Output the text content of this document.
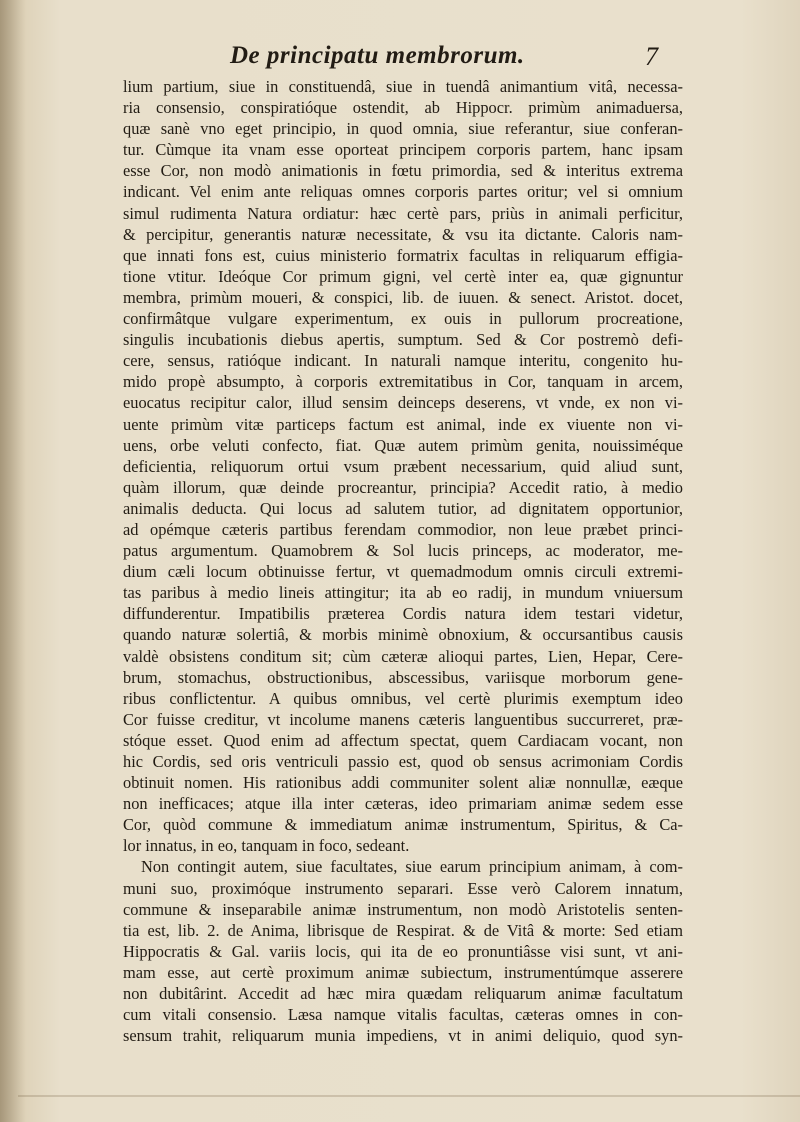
De principatu membrorum.	7
lium partium, siue in constituendâ, siue in tuendâ animantium vitâ, necessa-
ria consensio, conspiratióque ostendit, ab Hippocr. primùm animaduersa,
quæ sanè vno eget principio, in quod omnia, siue referantur, siue conferan-
tur. Cùmque ita vnam esse oporteat principem corporis partem, hanc ipsam
esse Cor, non modò animationis in fœtu primordia, sed & interitus extrema
indicant. Vel enim ante reliquas omnes corporis partes oritur; vel si omnium
simul rudimenta Natura ordiatur: hæc certè pars, priùs in animali perficitur,
& percipitur, generantis naturæ necessitate, & vsu ita dictante. Caloris nam-
que innati fons est, cuius ministerio formatrix facultas in reliquarum effigia-
tione vtitur. Ideóque Cor primum gigni, vel certè inter ea, quæ gignuntur
membra, primùm moueri, & conspici, lib. de iuuen. & senect. Aristot. docet,
confirmâtque vulgare experimentum, ex ouis in pullorum procreatione,
singulis incubationis diebus apertis, sumptum. Sed & Cor postremò defi-
cere, sensus, ratióque indicant. In naturali namque interitu, congenito hu-
mido propè absumpto, à corporis extremitatibus in Cor, tanquam in arcem,
euocatus recipitur calor, illud sensim deinceps deserens, vt vnde, ex non vi-
uente primùm vitæ particeps factum est animal, inde ex viuente non vi-
uens, orbe veluti confecto, fiat. Quæ autem primùm genita, nouissiméque
deficientia, reliquorum ortui vsum præbent necessarium, quid aliud sunt,
quàm illorum, quæ deinde procreantur, principia? Accedit ratio, à medio
animalis deducta. Qui locus ad salutem tutior, ad dignitatem opportunior,
ad opémque cæteris partibus ferendam commodior, non leue præbet princi-
patus argumentum. Quamobrem & Sol lucis princeps, ac moderator, me-
dium cæli locum obtinuisse fertur, vt quemadmodum omnis circuli extremi-
tas paribus à medio lineis attingitur; ita ab eo radij, in mundum vniuersum
diffunderentur. Impatibilis præterea Cordis natura idem testari videtur,
quando naturæ solertiâ, & morbis minimè obnoxium, & occursantibus causis
valdè obsistens conditum sit; cùm cæteræ alioqui partes, Lien, Hepar, Cere-
brum, stomachus, obstructionibus, abscessibus, variisque morborum gene-
ribus conflictentur. A quibus omnibus, vel certè plurimis exemptum ideo
Cor fuisse creditur, vt incolume manens cæteris languentibus succurreret, præ-
stóque esset. Quod enim ad affectum spectat, quem Cardiacam vocant, non
hic Cordis, sed oris ventriculi passio est, quod ob sensus acrimoniam Cordis
obtinuit nomen. His rationibus addi communiter solent aliæ nonnullæ, eæque
non inefficaces; atque illa inter cæteras, ideo primariam animæ sedem esse
Cor, quòd commune & immediatum animæ instrumentum, Spiritus, & Ca-
lor innatus, in eo, tanquam in foco, sedeant.
Non contingit autem, siue facultates, siue earum principium animam, à com-
muni suo, proximóque instrumento separari. Esse verò Calorem innatum,
commune & inseparabile animæ instrumentum, non modò Aristotelis senten-
tia est, lib. 2. de Anima, librisque de Respirat. & de Vitâ & morte: Sed etiam
Hippocratis & Gal. variis locis, qui ita de eo pronuntiâsse visi sunt, vt ani-
mam esse, aut certè proximum animæ subiectum, instrumentúmque asserere
non dubitârint. Accedit ad hæc mira quædam reliquarum animæ facultatum
cum vitali consensio. Læsa namque vitalis facultas, cæteras omnes in con-
sensum trahit, reliquarum munia impediens, vt in animi deliquio, quod syn-
